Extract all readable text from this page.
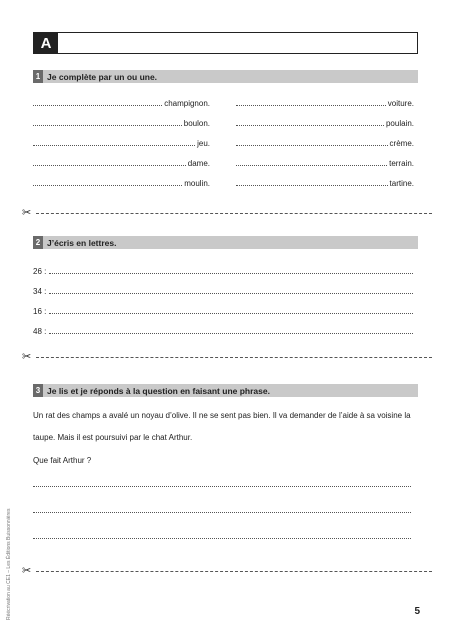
A
1 Je complète par un ou une.
champignon.
boulon.
jeu.
dame.
moulin.
voiture.
poulain.
crème.
terrain.
tartine.
✂
2 J’écris en lettres.
26 :
34 :
16 :
48 :
✂
3 Je lis et je réponds à la question en faisant une phrase.
Un rat des champs a avalé un noyau d’olive. Il ne se sent pas bien. Il va demander de l’aide à sa voisine la taupe. Mais il est poursuivi par le chat Arthur.
Que fait Arthur ?
✂
Réécrivation au CE1 – Les Éditions Buissonnières	5
